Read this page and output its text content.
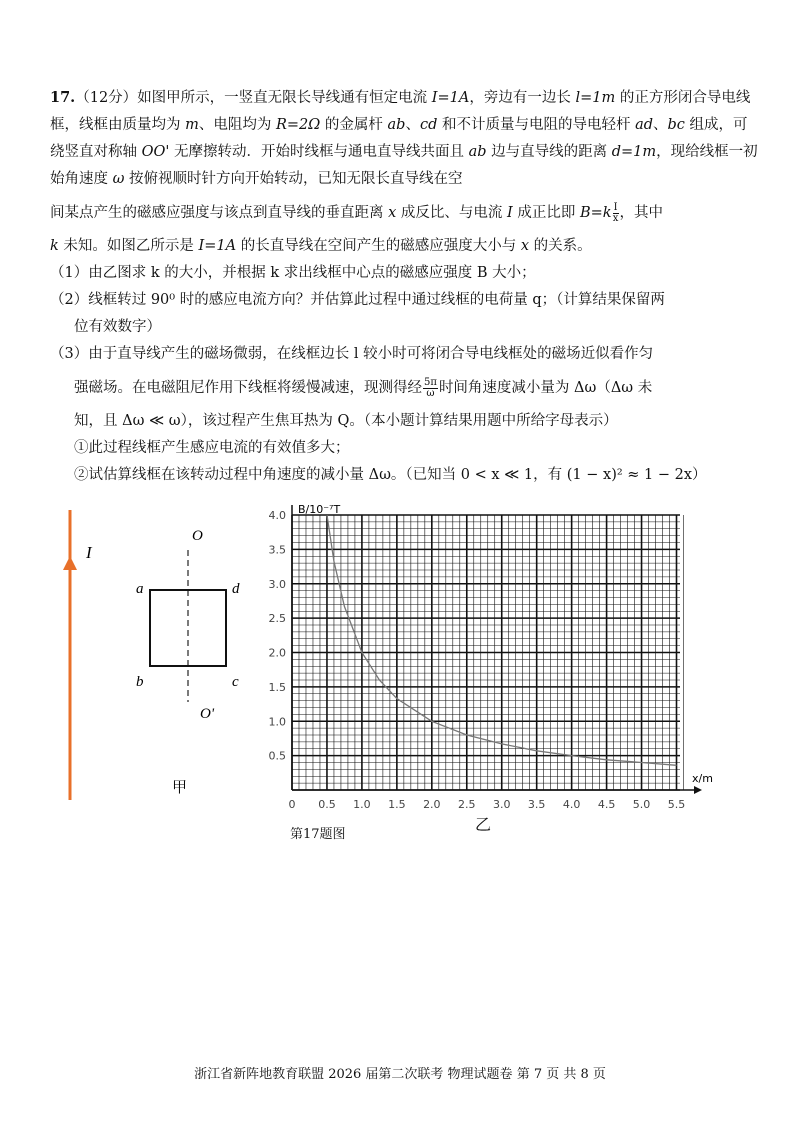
17.（12分）如图甲所示，一竖直无限长导线通有恒定电流 I=1A，旁边有一边长 l=1m 的正方形闭合导电线框，线框由质量均为 m、电阻均为 R=2Ω 的金属杆 ab、cd 和不计质量与电阻的导电轻杆 ad、bc 组成，可绕竖直对称轴 OO' 无摩擦转动．开始时线框与通电直导线共面且 ab 边与直导线的距离 d=1m，现给线框一初始角速度 ω 按俯视顺时针方向开始转动，已知无限长直导线在空

间某点产生的磁感应强度与该点到直导线的垂直距离 x 成反比、与电流 I 成正比即 $B=k \frac{I}{x}$ ，其中

k 未知。如图乙所示是 I=1A 的长直导线在空间产生的磁感应强度大小与 x 的关系。

（1）由乙图求 k 的大小，并根据 k 求出线框中心点的磁感应强度 B 大小；

（2）线框转过 90⁰ 时的感应电流方向？并估算此过程中通过线框的电荷量 q；（计算结果保留两

位有效数字）

（3）由于直导线产生的磁场微弱，在线框边长 l 较小时可将闭合导电线框处的磁场近似看作匀

强磁场。在电磁阻尼作用下线框将缓慢减速，现测得经 $\frac{5\pi}{\omega}$ 时间角速度减小量为 Δω（Δω 未

知，且 Δω ≪ ω），该过程产生焦耳热为 Q。（本小题计算结果用题中所给字母表示）

①此过程线框产生感应电流的有效值多大；

②试估算线框在该转动过程中角速度的减小量 Δω。（已知当 0 < x ≪ 1，有 (1 − x)² ≈ 1 − 2x）

I
O
a	d
b	c
O'
甲
0 0.5 1.0 1.5 2.0 2.5 3.0 3.5 4.0 4.5 5.0 5.5
0.5
1.0
1.5
2.0
2.5
3.0
3.5
4.0 B/10⁻⁷T
x/m
第17题图
乙
浙江省新阵地教育联盟 2026 届第二次联考 物理试题卷 第 7 页 共 8 页
